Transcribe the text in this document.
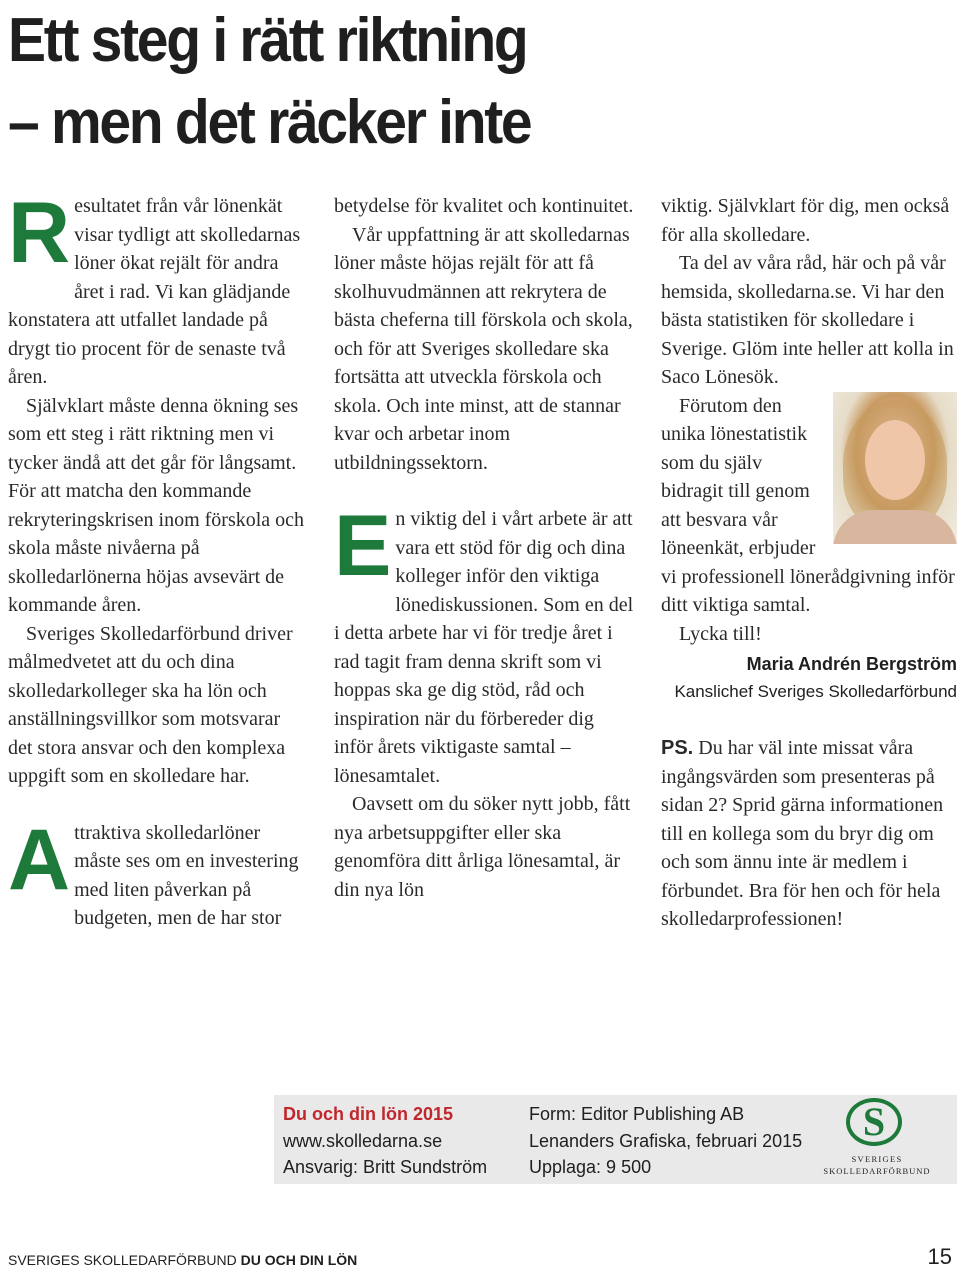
Ett steg i rätt riktning
– men det räcker inte

Resultatet från vår lönenkät visar tydligt att skolledarnas löner ökat rejält för andra året i rad. Vi kan glädjande konstatera att utfallet landade på drygt tio procent för de senaste två åren.

Självklart måste denna ökning ses som ett steg i rätt riktning men vi tycker ändå att det går för långsamt. För att matcha den kommande rekryteringskrisen inom förskola och skola måste nivåerna på skolledarlönerna höjas avsevärt de kommande åren.

Sveriges Skolledarförbund driver målmedvetet att du och dina skolledarkolleger ska ha lön och anställningsvillkor som motsvarar det stora ansvar och den komplexa uppgift som en skolledare har.

Attraktiva skolledarlöner måste ses om en investering med liten påverkan på budgeten, men de har stor

betydelse för kvalitet och kontinuitet.

Vår uppfattning är att skolledarnas löner måste höjas rejält för att få skolhuvudmännen att rekrytera de bästa cheferna till förskola och skola, och för att Sveriges skolledare ska fortsätta att utveckla förskola och skola. Och inte minst, att de stannar kvar och arbetar inom utbildningssektorn.

En viktig del i vårt arbete är att vara ett stöd för dig och dina kolleger inför den viktiga lönediskussionen. Som en del i detta arbete har vi för tredje året i rad tagit fram denna skrift som vi hoppas ska ge dig stöd, råd och inspiration när du förbereder dig inför årets viktigaste samtal – lönesamtalet.

Oavsett om du söker nytt jobb, fått nya arbetsuppgifter eller ska genomföra ditt årliga lönesamtal, är din nya lön

viktig. Självklart för dig, men också för alla skolledare.

Ta del av våra råd, här och på vår hemsida, skolledarna.se. Vi har den bästa statistiken för skolledare i Sverige. Glöm inte heller att kolla in Saco Lönesök.

Förutom den unika lönestatistik som du själv bidragit till genom att besvara vår löneenkät, erbjuder vi professionell lönerådgivning inför ditt viktiga samtal.

Lycka till!

Maria Andrén Bergström
Kanslichef Sveriges Skolledarförbund

PS. Du har väl inte missat våra ingångsvärden som presenteras på sidan 2? Sprid gärna informationen till en kollega som du bryr dig om och som ännu inte är medlem i förbundet. Bra för hen och för hela skolledarprofessionen!

Du och din lön 2015
www.skolledarna.se
Ansvarig: Britt Sundström
Form: Editor Publishing AB
Lenanders Grafiska, februari 2015
Upplaga: 9 500
S
SVERIGES
SKOLLEDARFÖRBUND
SVERIGES SKOLLEDARFÖRBUND DU OCH DIN LÖN	15
